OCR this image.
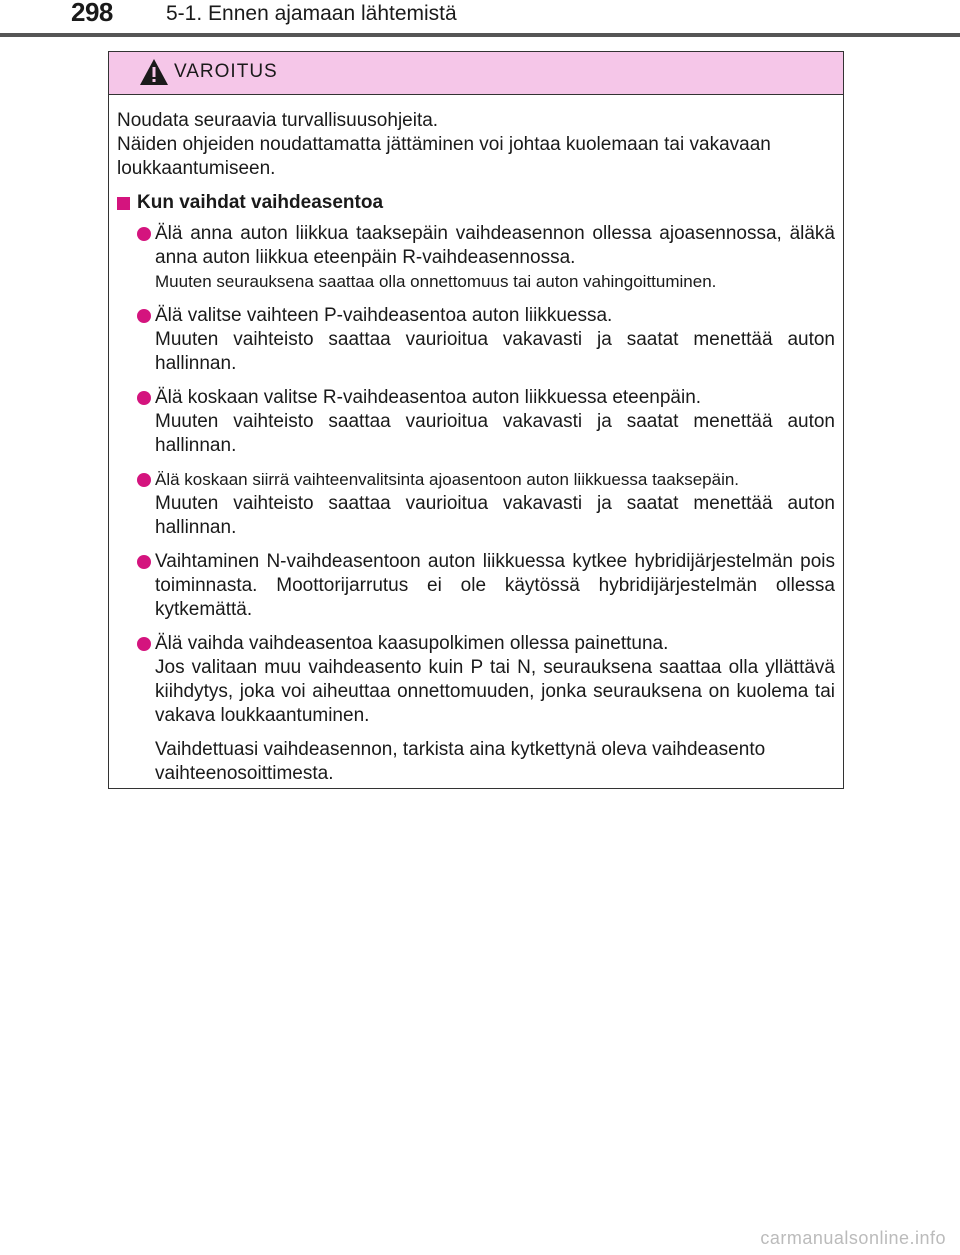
298	5-1. Ennen ajamaan lähtemistä
VAROITUS

Noudata seuraavia turvallisuusohjeita.
Näiden ohjeiden noudattamatta jättäminen voi johtaa kuolemaan tai vakavaan loukkaantumiseen.

Kun vaihdat vaihdeasentoa
Älä anna auton liikkua taaksepäin vaihdeasennon ollessa ajoasennossa, äläkä anna auton liikkua eteenpäin R-vaihdeasennossa.
Muuten seurauksena saattaa olla onnettomuus tai auton vahingoittuminen.
Älä valitse vaihteen P-vaihdeasentoa auton liikkuessa.
Muuten vaihteisto saattaa vaurioitua vakavasti ja saatat menettää auton hallinnan.
Älä koskaan valitse R-vaihdeasentoa auton liikkuessa eteenpäin.
Muuten vaihteisto saattaa vaurioitua vakavasti ja saatat menettää auton hallinnan.
Älä koskaan siirrä vaihteenvalitsinta ajoasentoon auton liikkuessa taaksepäin.
Muuten vaihteisto saattaa vaurioitua vakavasti ja saatat menettää auton hallinnan.
Vaihtaminen N-vaihdeasentoon auton liikkuessa kytkee hybridijärjestelmän pois toiminnasta. Moottorijarrutus ei ole käytössä hybridijärjestelmän ollessa kytkemättä.
Älä vaihda vaihdeasentoa kaasupolkimen ollessa painettuna.
Jos valitaan muu vaihdeasento kuin P tai N, seurauksena saattaa olla yllättävä kiihdytys, joka voi aiheuttaa onnettomuuden, jonka seurauksena on kuolema tai vakava loukkaantuminen.

Vaihdettuasi vaihdeasennon, tarkista aina kytkettynä oleva vaihdeasento vaihteenosoittimesta.

carmanualsonline.info
